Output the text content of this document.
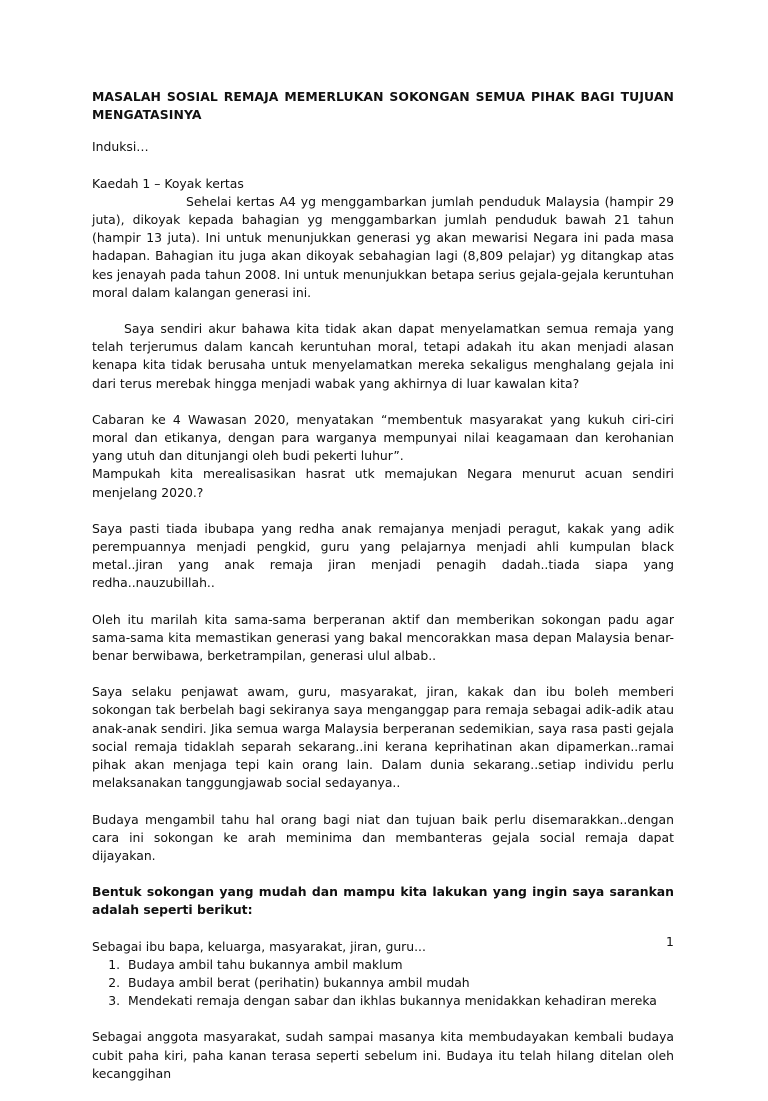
MASALAH SOSIAL REMAJA MEMERLUKAN SOKONGAN SEMUA PIHAK BAGI TUJUAN MENGATASINYA

Induksi…

Kaedah 1 – Koyak kertas

Sehelai kertas A4 yg menggambarkan jumlah penduduk Malaysia (hampir 29 juta), dikoyak kepada bahagian yg menggambarkan jumlah penduduk bawah 21 tahun (hampir 13 juta). Ini untuk menunjukkan generasi yg akan mewarisi Negara ini pada masa hadapan. Bahagian itu juga akan dikoyak sebahagian lagi (8,809 pelajar) yg ditangkap atas kes jenayah pada tahun 2008. Ini untuk menunjukkan betapa serius gejala-gejala keruntuhan moral dalam kalangan generasi ini.

Saya sendiri akur bahawa kita tidak akan dapat menyelamatkan semua remaja yang telah terjerumus dalam kancah keruntuhan moral, tetapi adakah itu akan menjadi alasan kenapa kita tidak berusaha untuk menyelamatkan mereka sekaligus menghalang gejala ini dari terus merebak hingga menjadi wabak yang akhirnya di luar kawalan kita?

Cabaran ke 4 Wawasan 2020, menyatakan “membentuk masyarakat yang kukuh ciri-ciri moral dan etikanya, dengan para warganya mempunyai nilai keagamaan dan kerohanian yang utuh dan ditunjangi oleh budi pekerti luhur”.

Mampukah kita merealisasikan hasrat utk memajukan Negara menurut acuan sendiri menjelang 2020.?

Saya pasti tiada ibubapa yang redha anak remajanya menjadi peragut, kakak yang adik perempuannya menjadi pengkid, guru yang pelajarnya menjadi ahli kumpulan black metal..jiran yang anak remaja jiran menjadi penagih dadah..tiada siapa yang redha..nauzubillah..

Oleh itu marilah kita sama-sama berperanan aktif dan memberikan sokongan padu agar sama-sama kita memastikan generasi yang bakal mencorakkan masa depan Malaysia benar-benar berwibawa, berketrampilan, generasi ulul albab..

Saya selaku penjawat awam, guru, masyarakat, jiran, kakak dan ibu boleh memberi sokongan tak berbelah bagi sekiranya saya menganggap para remaja sebagai adik-adik atau anak-anak sendiri. Jika semua warga Malaysia berperanan sedemikian, saya rasa pasti gejala social remaja tidaklah separah sekarang..ini kerana keprihatinan akan dipamerkan..ramai pihak akan menjaga tepi kain orang lain. Dalam dunia sekarang..setiap individu perlu melaksanakan tanggungjawab social sedayanya..

Budaya mengambil tahu hal orang bagi niat dan tujuan baik perlu disemarakkan..dengan cara ini sokongan ke arah meminima dan membanteras gejala social remaja dapat dijayakan.

Bentuk sokongan yang mudah dan mampu kita lakukan yang ingin saya sarankan adalah seperti berikut:

Sebagai ibu bapa, keluarga, masyarakat, jiran, guru...

1. Budaya ambil tahu bukannya ambil maklum
2. Budaya ambil berat (perihatin) bukannya ambil mudah
3. Mendekati remaja dengan sabar dan ikhlas bukannya menidakkan kehadiran mereka

Sebagai anggota masyarakat, sudah sampai masanya kita membudayakan kembali budaya cubit paha kiri, paha kanan terasa seperti sebelum ini. Budaya itu telah hilang ditelan oleh kecanggihan

1
